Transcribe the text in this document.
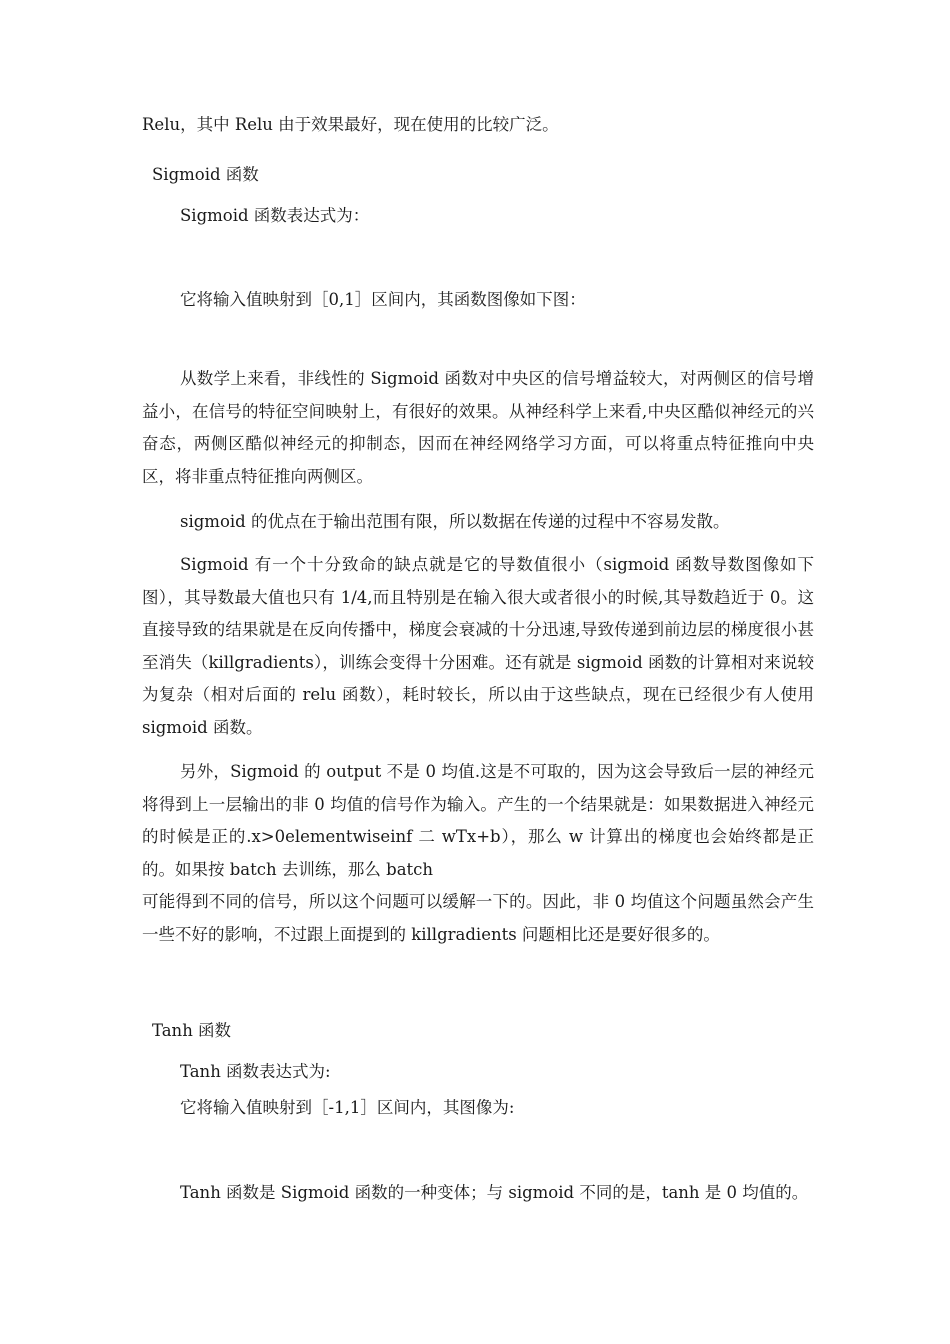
Relu，其中 Relu 由于效果最好，现在使用的比较广泛。
Sigmoid 函数
Sigmoid 函数表达式为：
它将输入值映射到［0,1］区间内，其函数图像如下图：

从数学上来看，非线性的 Sigmoid 函数对中央区的信号增益较大，对两侧区的信号增益小，在信号的特征空间映射上，有很好的效果。从神经科学上来看,中央区酷似神经元的兴奋态，两侧区酷似神经元的抑制态，因而在神经网络学习方面，可以将重点特征推向中央区，将非重点特征推向两侧区。

sigmoid 的优点在于输出范围有限，所以数据在传递的过程中不容易发散。

Sigmoid 有一个十分致命的缺点就是它的导数值很小（sigmoid 函数导数图像如下图），其导数最大值也只有 1/4,而且特别是在输入很大或者很小的时候,其导数趋近于 0。这直接导致的结果就是在反向传播中，梯度会衰减的十分迅速,导致传递到前边层的梯度很小甚至消失（killgradients），训练会变得十分困难。还有就是 sigmoid 函数的计算相对来说较为复杂（相对后面的 relu 函数），耗时较长，所以由于这些缺点，现在已经很少有人使用 sigmoid 函数。

另外，Sigmoid 的 output 不是 0 均值.这是不可取的，因为这会导致后一层的神经元将得到上一层输出的非 0 均值的信号作为输入。产生的一个结果就是：如果数据进入神经元的时候是正的.x>0elementwiseinf 二 wTx+b），那么 w 计算出的梯度也会始终都是正的。如果按 batch 去训练，那么 batch

可能得到不同的信号，所以这个问题可以缓解一下的。因此，非 0 均值这个问题虽然会产生一些不好的影响，不过跟上面提到的 killgradients 问题相比还是要好很多的。

Tanh 函数
Tanh 函数表达式为:
它将输入值映射到［-1,1］区间内，其图像为:
Tanh 函数是 Sigmoid 函数的一种变体；与 sigmoid 不同的是，tanh 是 0 均值的。
